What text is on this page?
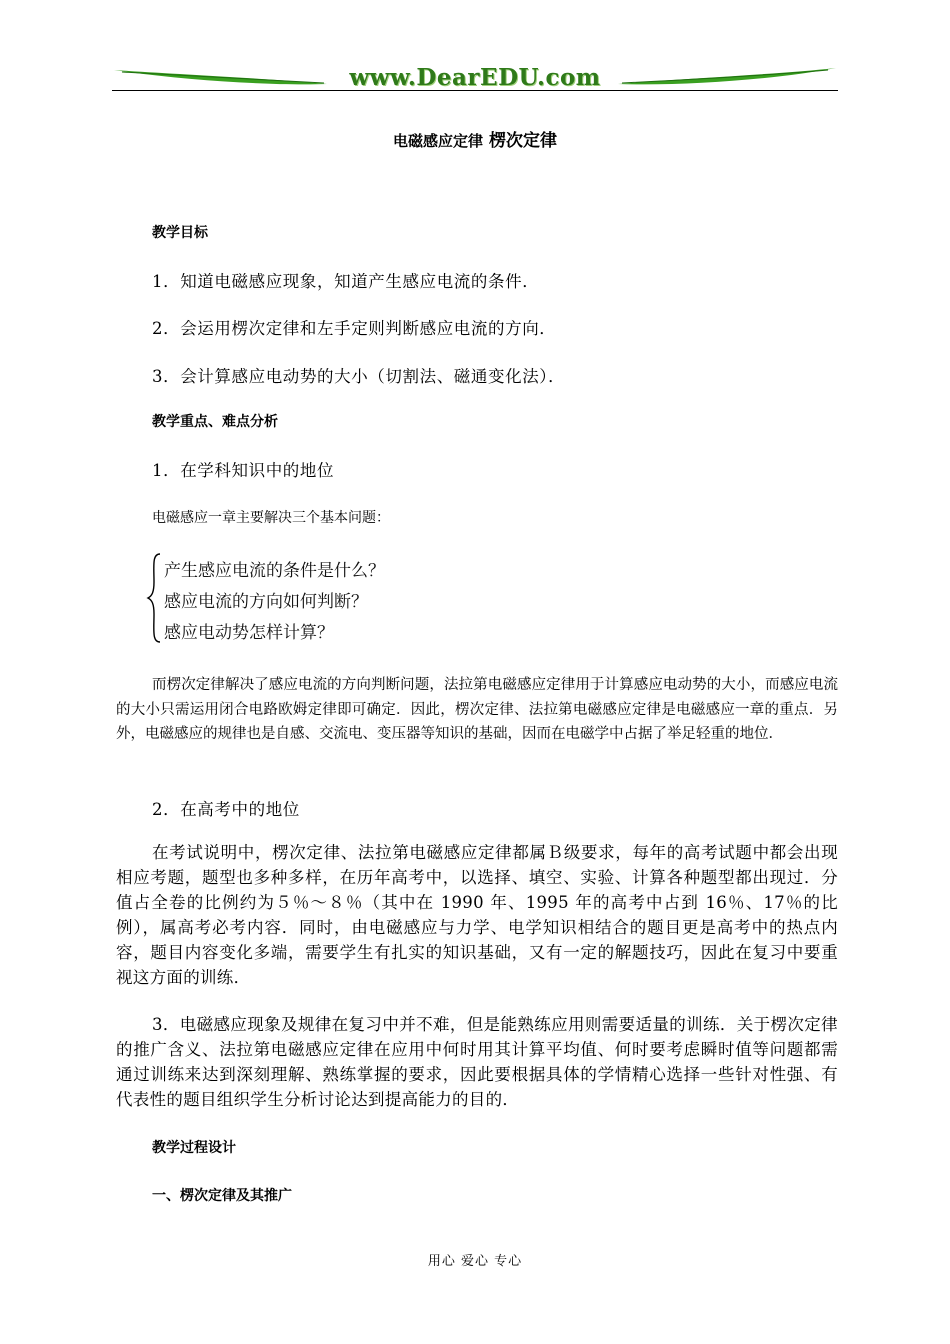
www.DearEDU.com
电磁感应定律 楞次定律
教学目标
1．知道电磁感应现象，知道产生感应电流的条件．
2．会运用楞次定律和左手定则判断感应电流的方向．
3．会计算感应电动势的大小（切割法、磁通变化法）．
教学重点、难点分析
1．在学科知识中的地位
电磁感应一章主要解决三个基本问题：
产生感应电流的条件是什么？
感应电流的方向如何判断？
感应电动势怎样计算？
而楞次定律解决了感应电流的方向判断问题，法拉第电磁感应定律用于计算感应电动势的大小，而感应电流的大小只需运用闭合电路欧姆定律即可确定．因此，楞次定律、法拉第电磁感应定律是电磁感应一章的重点．另外，电磁感应的规律也是自感、交流电、变压器等知识的基础，因而在电磁学中占据了举足轻重的地位．
2．在高考中的地位
在考试说明中，楞次定律、法拉第电磁感应定律都属Ｂ级要求，每年的高考试题中都会出现相应考题，题型也多种多样，在历年高考中，以选择、填空、实验、计算各种题型都出现过．分值占全卷的比例约为５％～８％（其中在 1990 年、1995 年的高考中占到 16％、17％的比例），属高考必考内容．同时，由电磁感应与力学、电学知识相结合的题目更是高考中的热点内容，题目内容变化多端，需要学生有扎实的知识基础，又有一定的解题技巧，因此在复习中要重视这方面的训练．
3．电磁感应现象及规律在复习中并不难，但是能熟练应用则需要适量的训练．关于楞次定律的推广含义、法拉第电磁感应定律在应用中何时用其计算平均值、何时要考虑瞬时值等问题都需通过训练来达到深刻理解、熟练掌握的要求，因此要根据具体的学情精心选择一些针对性强、有代表性的题目组织学生分析讨论达到提高能力的目的．
教学过程设计
一、楞次定律及其推广
用心 爱心 专心
